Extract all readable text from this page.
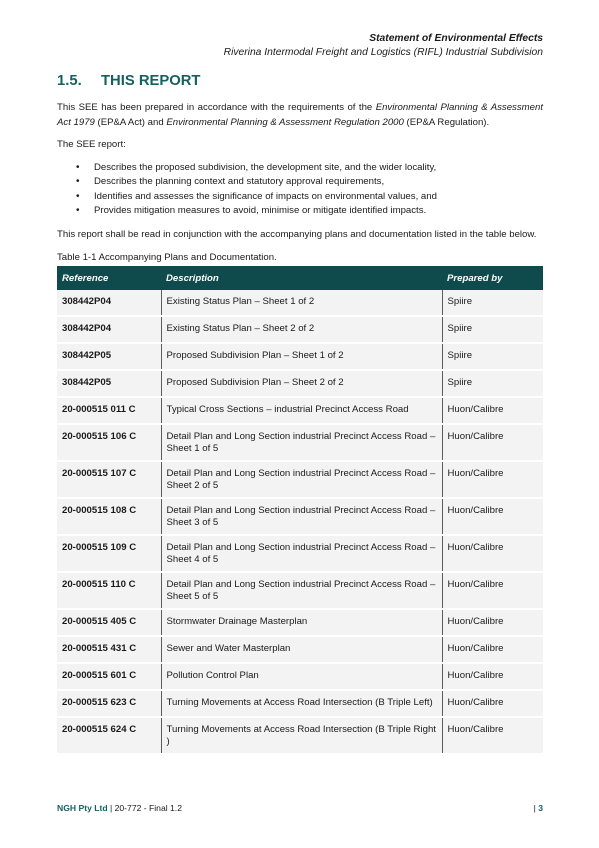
Statement of Environmental Effects
Riverina Intermodal Freight and Logistics (RIFL) Industrial Subdivision
1.5. THIS REPORT

This SEE has been prepared in accordance with the requirements of the Environmental Planning & Assessment Act 1979 (EP&A Act) and Environmental Planning & Assessment Regulation 2000 (EP&A Regulation).

The SEE report:

• Describes the proposed subdivision, the development site, and the wider locality,
• Describes the planning context and statutory approval requirements,
• Identifies and assesses the significance of impacts on environmental values, and
• Provides mitigation measures to avoid, minimise or mitigate identified impacts.

This report shall be read in conjunction with the accompanying plans and documentation listed in the table below.

Table 1-1 Accompanying Plans and Documentation.
Reference	Description	Prepared by
308442P04	Existing Status Plan – Sheet 1 of 2	Spiire
308442P04	Existing Status Plan – Sheet 2 of 2	Spiire
308442P05	Proposed Subdivision Plan – Sheet 1 of 2	Spiire
308442P05	Proposed Subdivision Plan – Sheet 2 of 2	Spiire
20-000515 011 C	Typical Cross Sections – industrial Precinct Access Road	Huon/Calibre
20-000515 106 C	Detail Plan and Long Section industrial Precinct Access Road – Sheet 1 of 5	Huon/Calibre
20-000515 107 C	Detail Plan and Long Section industrial Precinct Access Road – Sheet 2 of 5	Huon/Calibre
20-000515 108 C	Detail Plan and Long Section industrial Precinct Access Road – Sheet 3 of 5	Huon/Calibre
20-000515 109 C	Detail Plan and Long Section industrial Precinct Access Road – Sheet 4 of 5	Huon/Calibre
20-000515 110 C	Detail Plan and Long Section industrial Precinct Access Road – Sheet 5 of 5	Huon/Calibre
20-000515 405 C	Stormwater Drainage Masterplan	Huon/Calibre
20-000515 431 C	Sewer and Water Masterplan	Huon/Calibre
20-000515 601 C	Pollution Control Plan	Huon/Calibre
20-000515 623 C	Turning Movements at Access Road Intersection (B Triple Left)	Huon/Calibre
20-000515 624 C	Turning Movements at Access Road Intersection (B Triple Right )	Huon/Calibre
NGH Pty Ltd | 20-772 - Final 1.2	| 3
